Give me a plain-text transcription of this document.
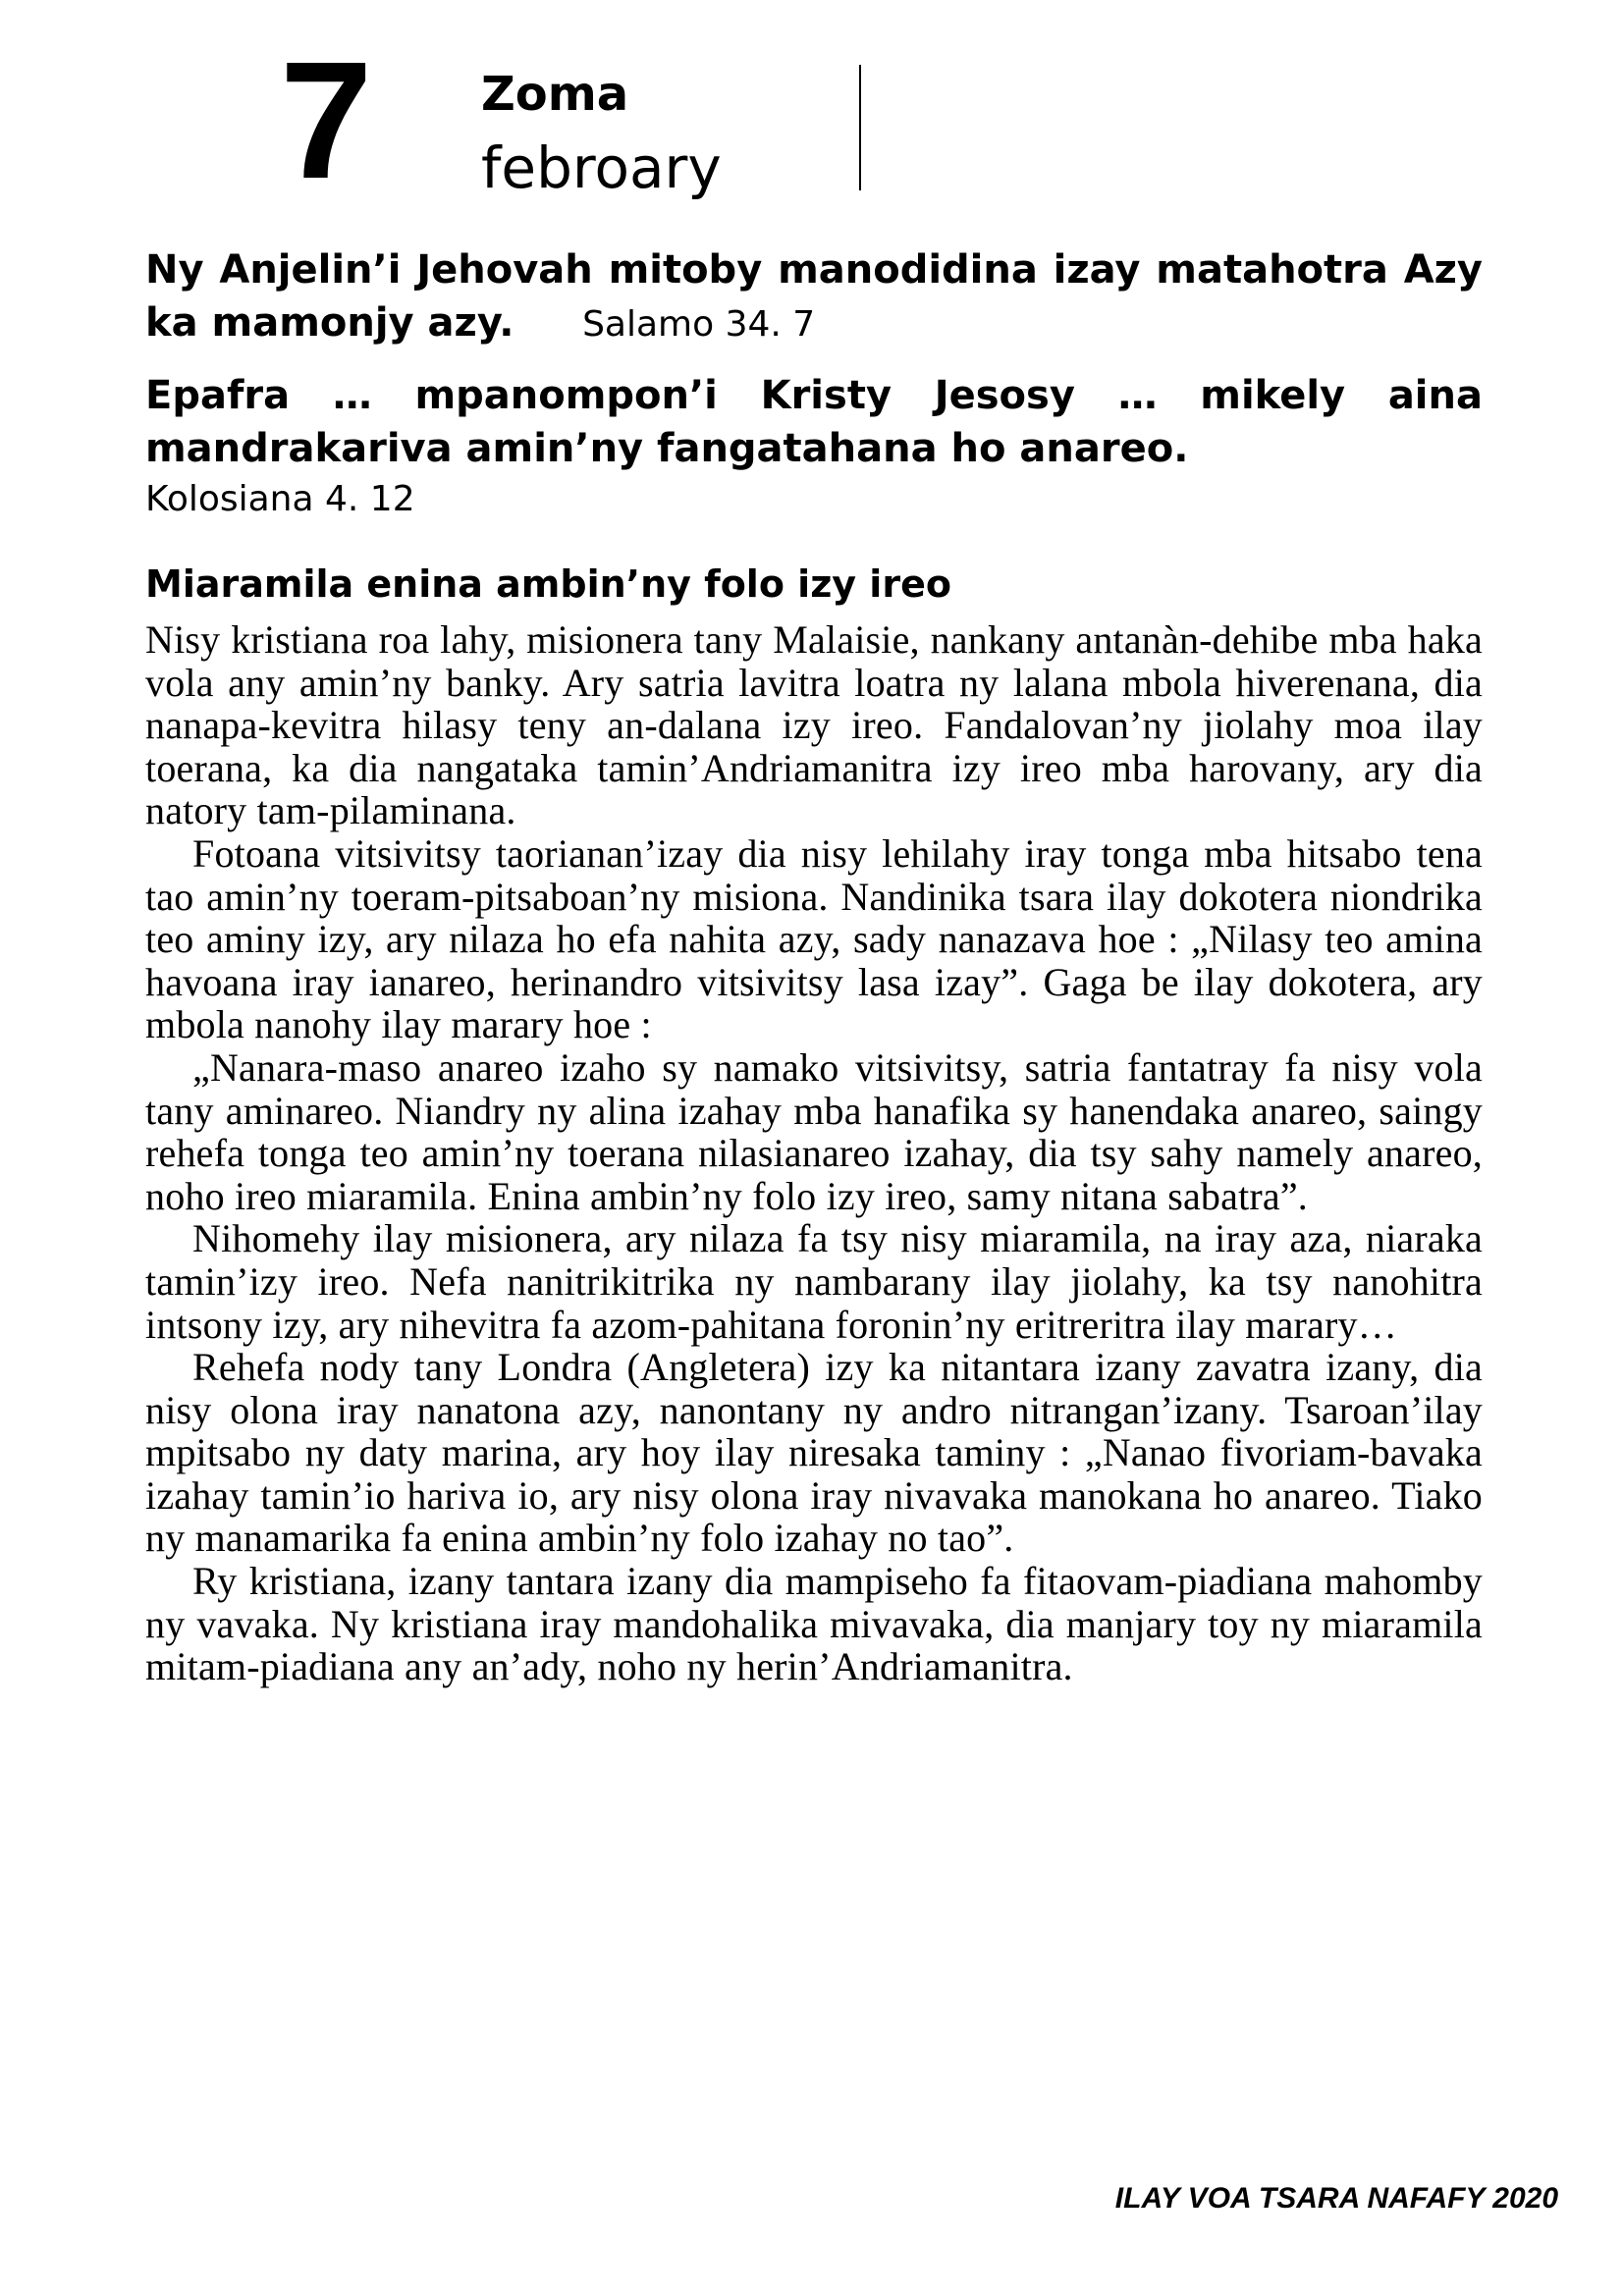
7 Zoma
febroary

Ny Anjelin’i Jehovah mitoby manodidina izay matahotra Azy ka mamonjy azy. Salamo 34. 7

Epafra … mpanompon’i Kristy Jesosy … mikely aina mandrakariva amin’ny fangatahana ho anareo.

Kolosiana 4. 12

Miaramila enina ambin’ny folo izy ireo

Nisy kristiana roa lahy, misionera tany Malaisie, nankany antanàn-dehibe mba haka vola any amin’ny banky. Ary satria lavitra loatra ny lalana mbola hiverenana, dia nanapa-kevitra hilasy teny an-dalana izy ireo. Fandalovan’ny jiolahy moa ilay toerana, ka dia nangataka tamin’Andriamanitra izy ireo mba harovany, ary dia natory tam-pilaminana.

Fotoana vitsivitsy taorianan’izay dia nisy lehilahy iray tonga mba hitsabo tena tao amin’ny toeram-pitsaboan’ny misiona. Nandinika tsara ilay dokotera niondrika teo aminy izy, ary nilaza ho efa nahita azy, sady nanazava hoe : „Nilasy teo amina havoana iray ianareo, herinandro vitsivitsy lasa izay”. Gaga be ilay dokotera, ary mbola nanohy ilay marary hoe :

„Nanara-maso anareo izaho sy namako vitsivitsy, satria fantatray fa nisy vola tany aminareo. Niandry ny alina izahay mba hanafika sy hanendaka anareo, saingy rehefa tonga teo amin’ny toerana nilasianareo izahay, dia tsy sahy namely anareo, noho ireo miaramila. Enina ambin’ny folo izy ireo, samy nitana sabatra”.

Nihomehy ilay misionera, ary nilaza fa tsy nisy miaramila, na iray aza, niaraka tamin’izy ireo. Nefa nanitrikitrika ny nambarany ilay jiolahy, ka tsy nanohitra intsony izy, ary nihevitra fa azom-pahitana foronin’ny eritreritra ilay marary…

Rehefa nody tany Londra (Angletera) izy ka nitantara izany zavatra izany, dia nisy olona iray nanatona azy, nanontany ny andro nitrangan’izany. Tsaroan’ilay mpitsabo ny daty marina, ary hoy ilay niresaka taminy : „Nanao fivoriam-bavaka izahay tamin’io hariva io, ary nisy olona iray nivavaka manokana ho anareo. Tiako ny manamarika fa enina ambin’ny folo izahay no tao”.

Ry kristiana, izany tantara izany dia mampiseho fa fitaovam-piadiana mahomby ny vavaka. Ny kristiana iray mandohalika mivavaka, dia manjary toy ny miaramila mitam-piadiana any an’ady, noho ny herin’Andriamanitra.

ILAY VOA TSARA NAFAFY 2020
